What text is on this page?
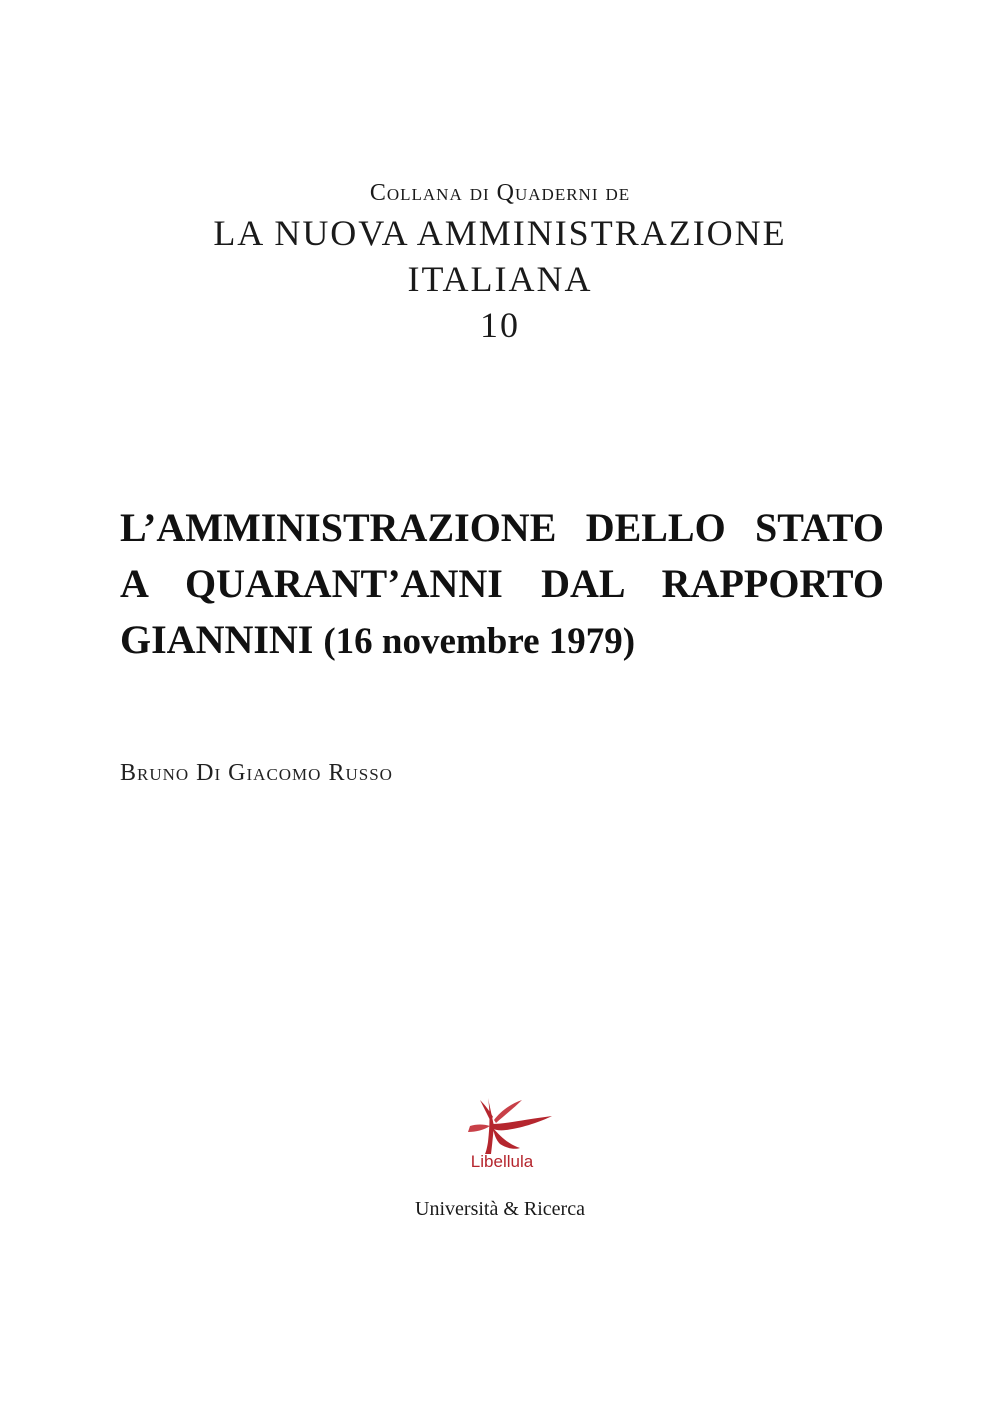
Collana di Quaderni de
LA NUOVA AMMINISTRAZIONE
ITALIANA
10
L’AMMINISTRAZIONE DELLO STATO
A QUARANT’ANNI DAL RAPPORTO
GIANNINI (16 novembre 1979)
Bruno Di Giacomo Russo
Libellula
Università & Ricerca
